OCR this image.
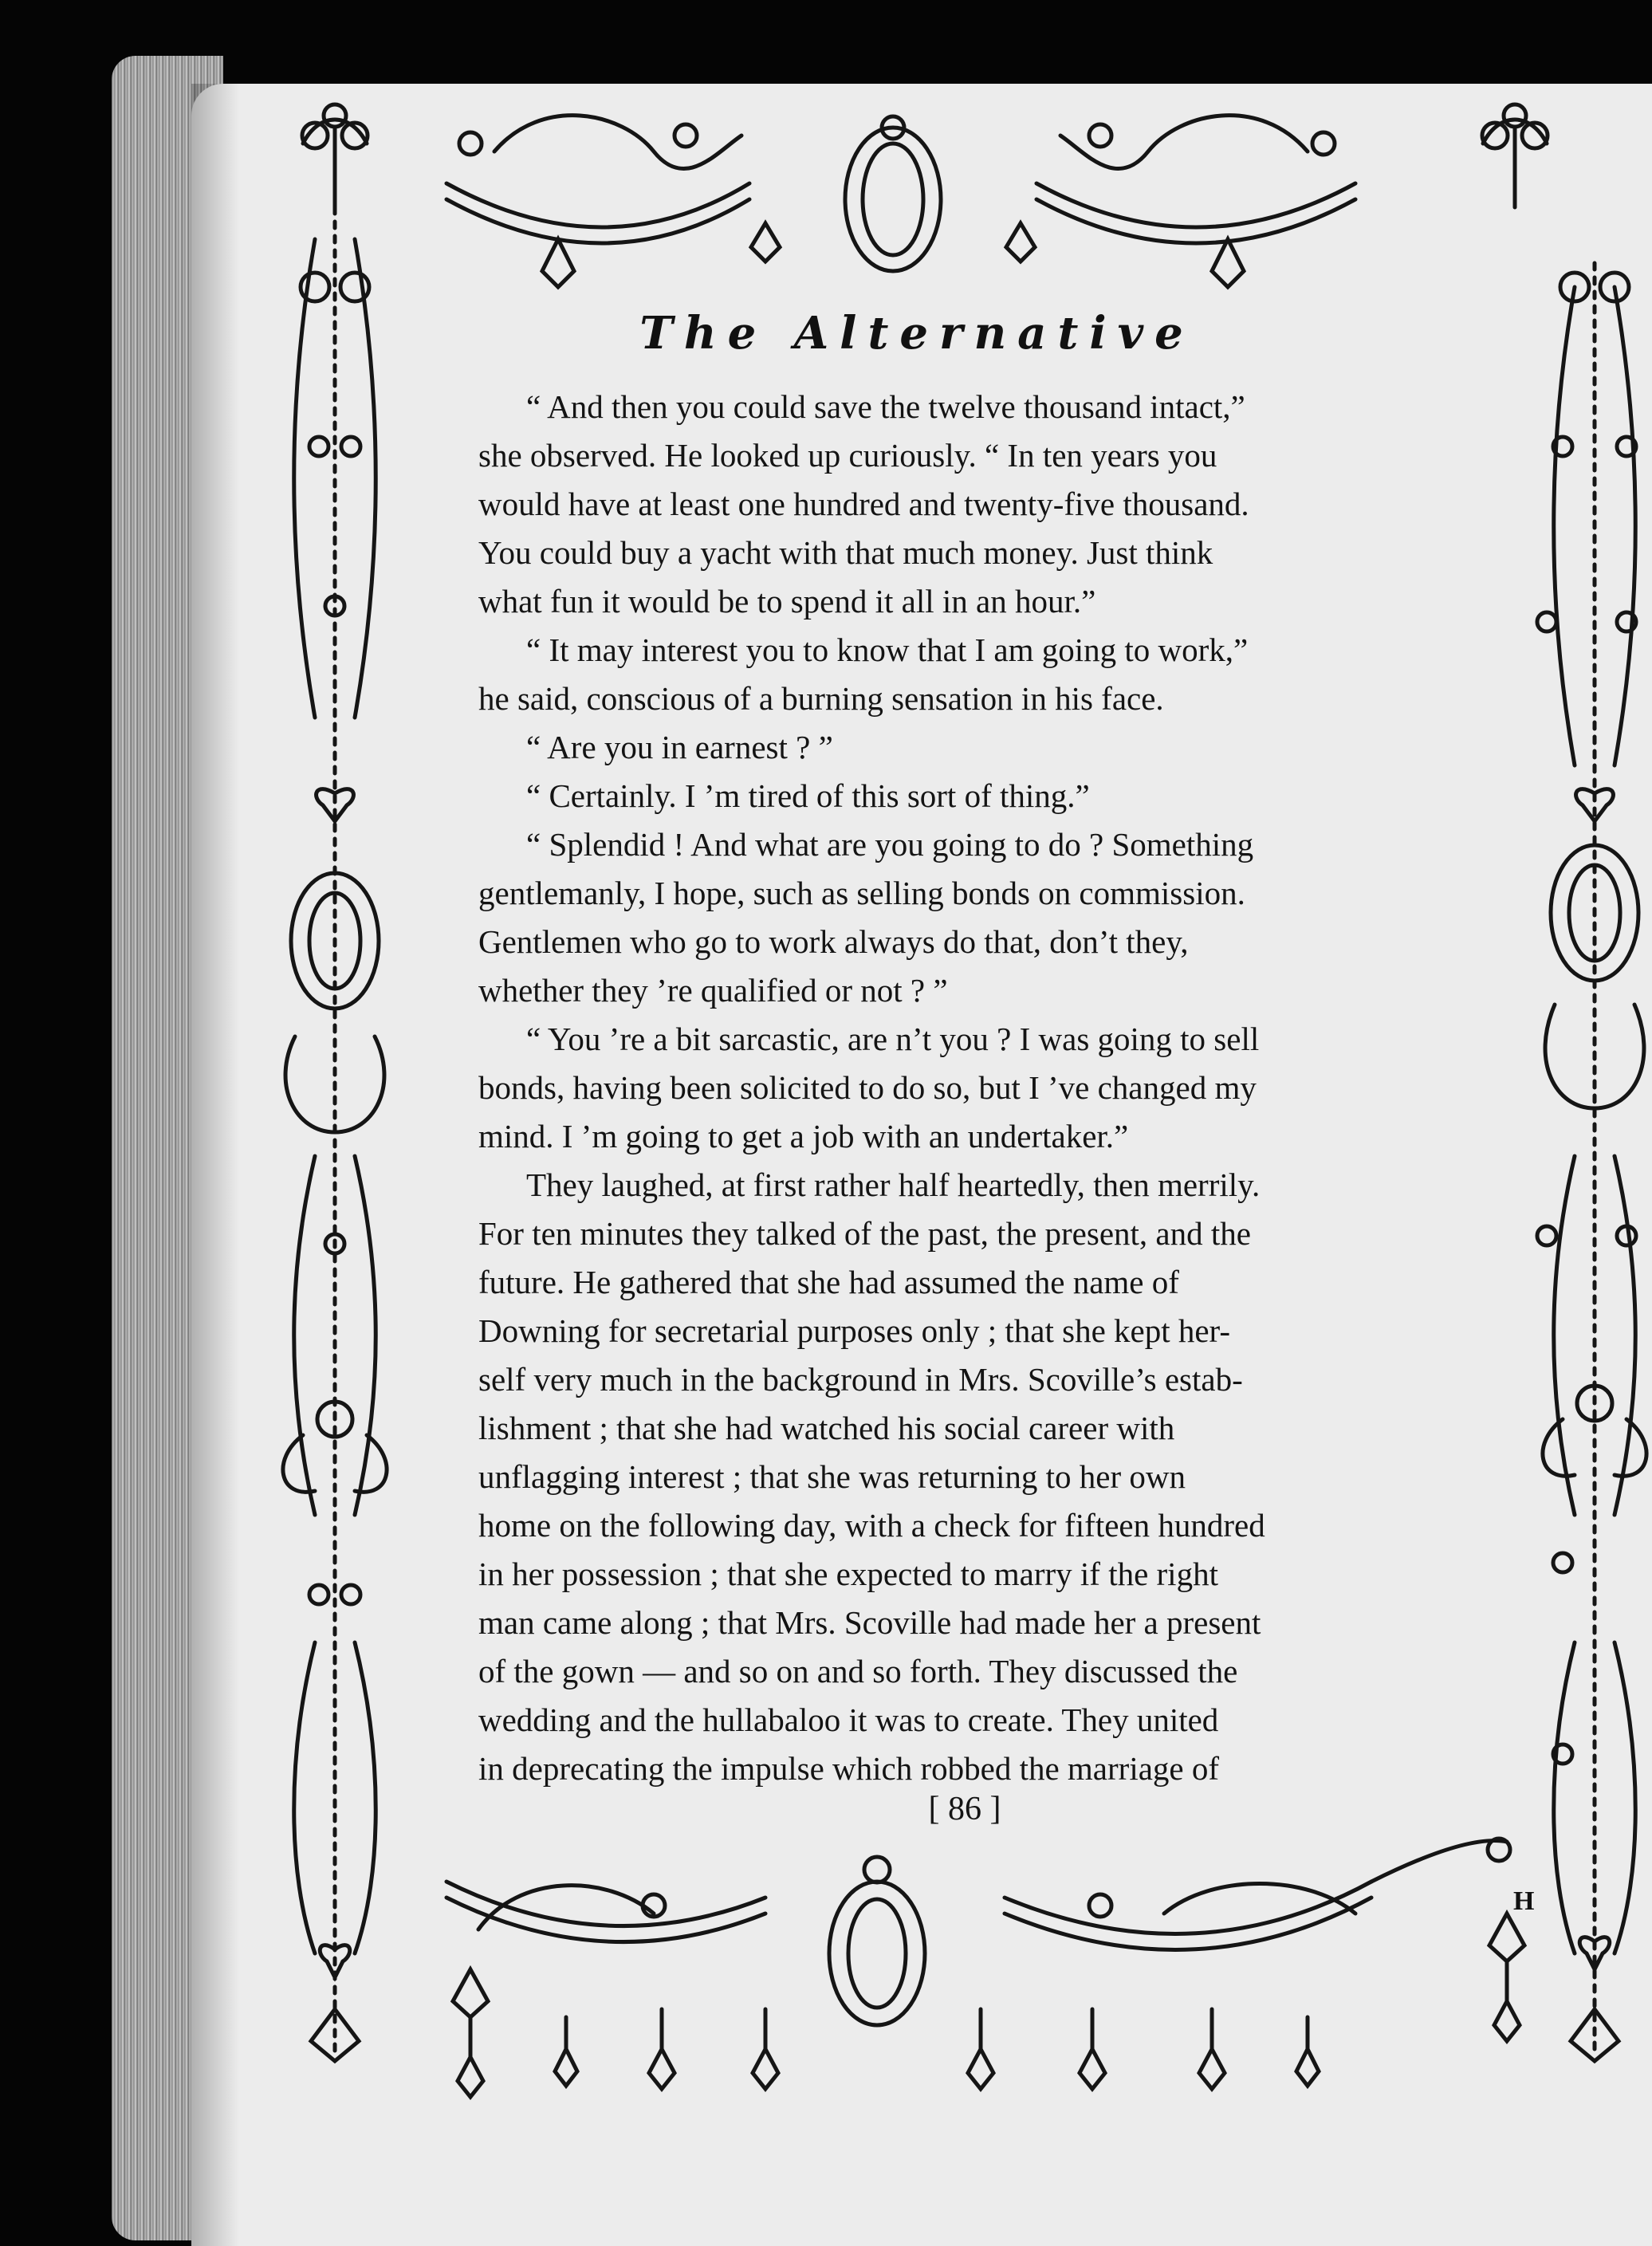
The Alternative

“ And then you could save the twelve thousand intact,”

she observed. He looked up curiously. “ In ten years you

would have at least one hundred and twenty-five thousand.

You could buy a yacht with that much money. Just think

what fun it would be to spend it all in an hour.”

“ It may interest you to know that I am going to work,”

he said, conscious of a burning sensation in his face.

“ Are you in earnest ? ”

“ Certainly. I ’m tired of this sort of thing.”

“ Splendid ! And what are you going to do ? Something

gentlemanly, I hope, such as selling bonds on commission.

Gentlemen who go to work always do that, don’t they,

whether they ’re qualified or not ? ”

“ You ’re a bit sarcastic, are n’t you ? I was going to sell

bonds, having been solicited to do so, but I ’ve changed my

mind. I ’m going to get a job with an undertaker.”

They laughed, at first rather half heartedly, then merrily.

For ten minutes they talked of the past, the present, and the

future. He gathered that she had assumed the name of

Downing for secretarial purposes only ; that she kept her-

self very much in the background in Mrs. Scoville’s estab-

lishment ; that she had watched his social career with

unflagging interest ; that she was returning to her own

home on the following day, with a check for fifteen hundred

in her possession ; that she expected to marry if the right

man came along ; that Mrs. Scoville had made her a present

of the gown — and so on and so forth. They discussed the

wedding and the hullabaloo it was to create. They united

in deprecating the impulse which robbed the marriage of

[ 86 ]
H
